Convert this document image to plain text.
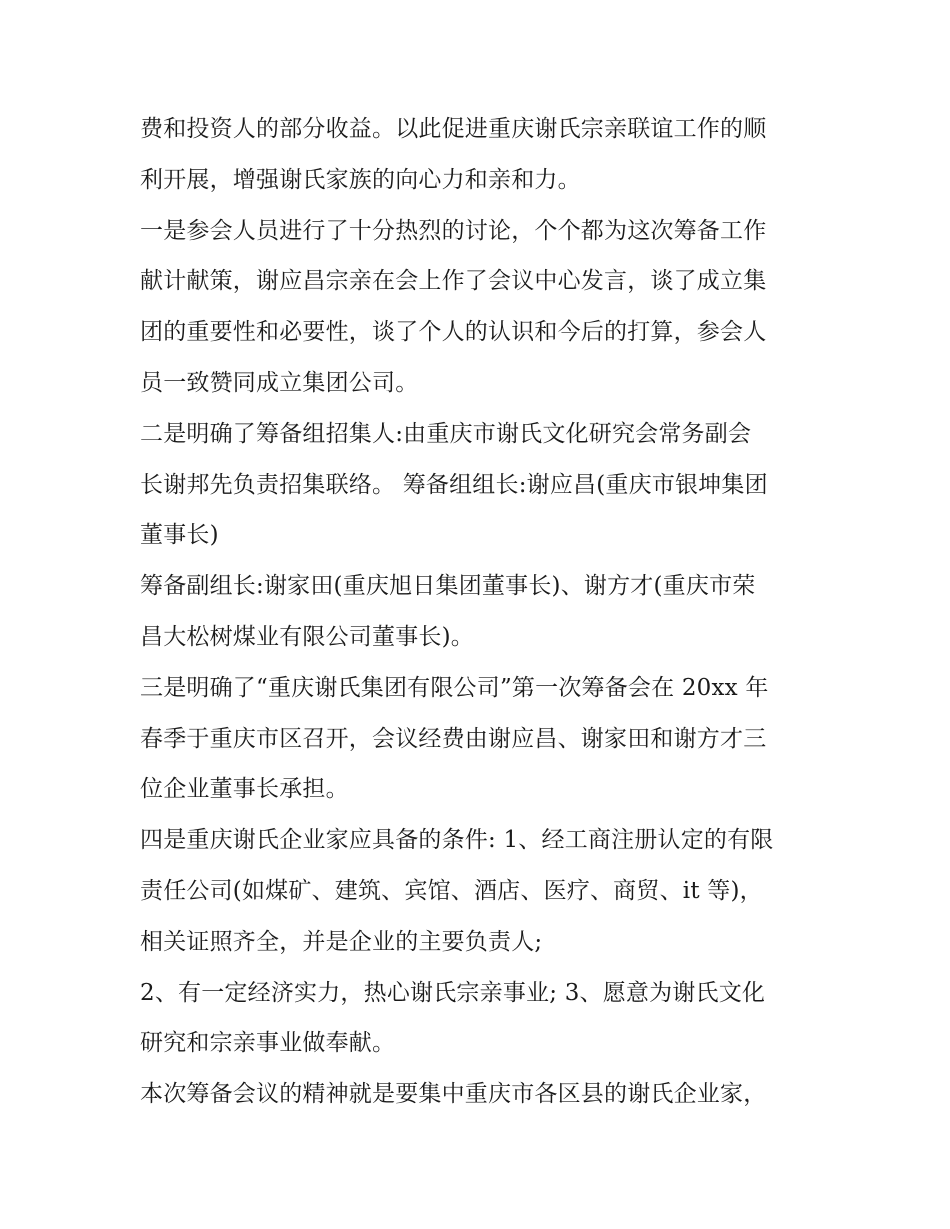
费和投资人的部分收益。以此促进重庆谢氏宗亲联谊工作的顺
利开展，增强谢氏家族的向心力和亲和力。
一是参会人员进行了十分热烈的讨论，个个都为这次筹备工作
献计献策，谢应昌宗亲在会上作了会议中心发言，谈了成立集
团的重要性和必要性，谈了个人的认识和今后的打算，参会人
员一致赞同成立集团公司。
二是明确了筹备组招集人:由重庆市谢氏文化研究会常务副会
长谢邦先负责招集联络。 筹备组组长:谢应昌(重庆市银坤集团
董事长)
筹备副组长:谢家田(重庆旭日集团董事长)、谢方才(重庆市荣
昌大松树煤业有限公司董事长)。
三是明确了“重庆谢氏集团有限公司”第一次筹备会在 20xx 年
春季于重庆市区召开，会议经费由谢应昌、谢家田和谢方才三
位企业董事长承担。
四是重庆谢氏企业家应具备的条件: 1、经工商注册认定的有限
责任公司(如煤矿、建筑、宾馆、酒店、医疗、商贸、it 等)，
相关证照齐全，并是企业的主要负责人;
2、有一定经济实力，热心谢氏宗亲事业; 3、愿意为谢氏文化
研究和宗亲事业做奉献。
本次筹备会议的精神就是要集中重庆市各区县的谢氏企业家，
